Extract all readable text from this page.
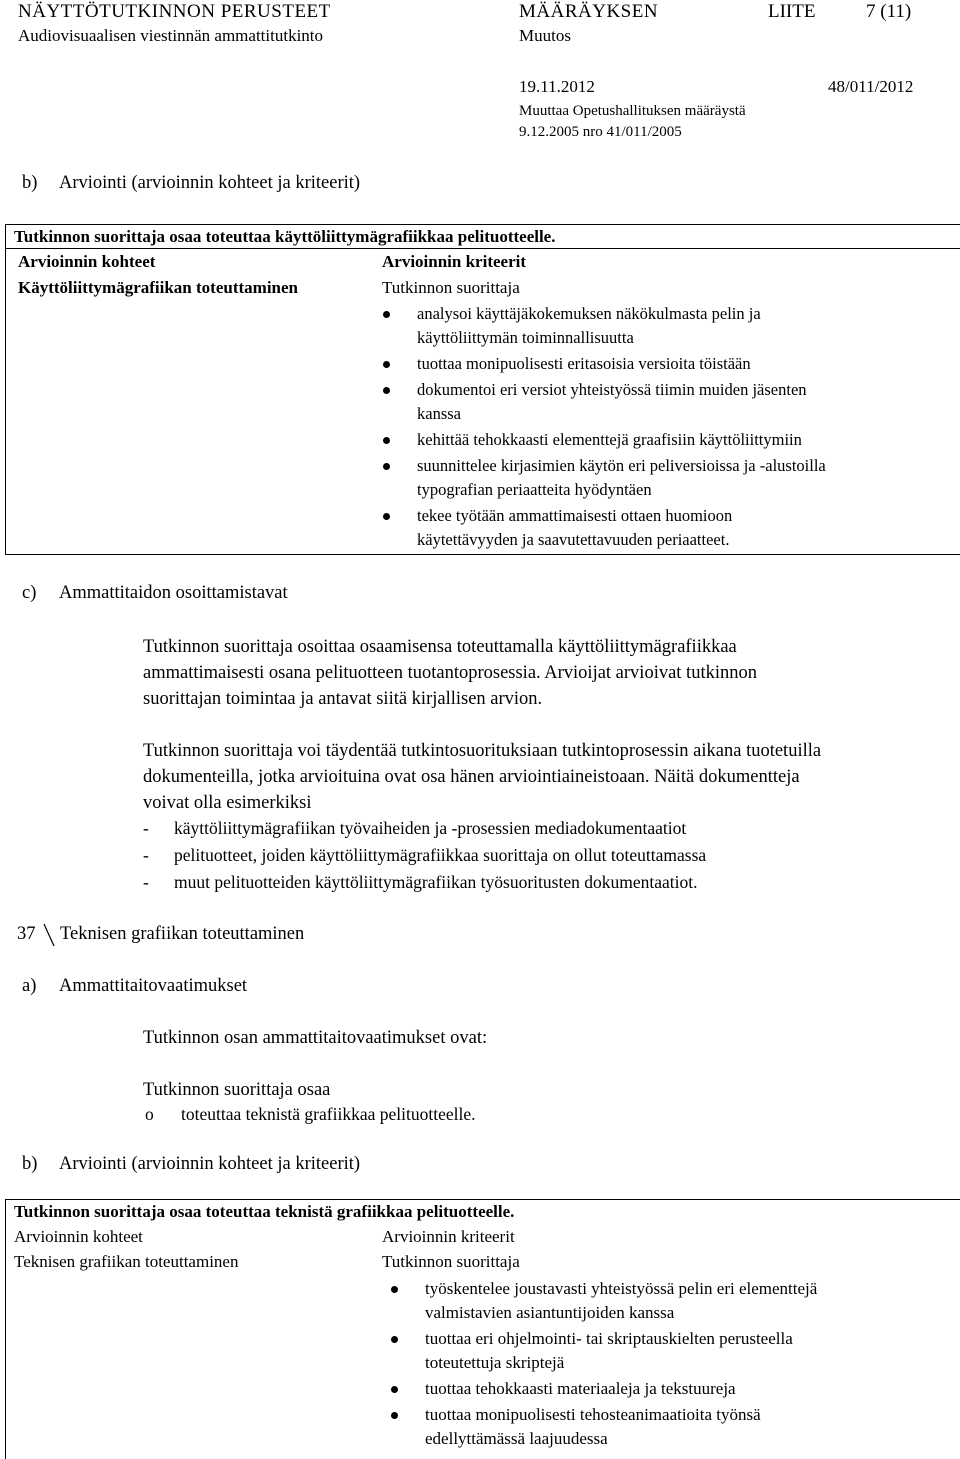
NÄYTTÖTUTKINNON PERUSTEET
Audiovisuaalisen viestinnän ammattitutkinto
MÄÄRÄYKSEN
Muutos
LIITE	7 (11)
19.11.2012	48/011/2012
Muuttaa Opetushallituksen määräystä
9.12.2005 nro 41/011/2005
b) Arviointi (arvioinnin kohteet ja kriteerit)
Tutkinnon suorittaja osaa toteuttaa käyttöliittymägrafiikkaa pelituotteelle.
Arvioinnin kohteet	Arvioinnin kriteerit
Käyttöliittymägrafiikan toteuttaminen	Tutkinnon suorittaja
analysoi käyttäjäkokemuksen näkökulmasta pelin ja
käyttöliittymän toiminnallisuutta
tuottaa monipuolisesti eritasoisia versioita töistään
dokumentoi eri versiot yhteistyössä tiimin muiden jäsenten
kanssa
kehittää tehokkaasti elementtejä graafisiin käyttöliittymiin
suunnittelee kirjasimien käytön eri peliversioissa ja -alustoilla
typografian periaatteita hyödyntäen
tekee työtään ammattimaisesti ottaen huomioon
käytettävyyden ja saavutettavuuden periaatteet.
c) Ammattitaidon osoittamistavat
Tutkinnon suorittaja osoittaa osaamisensa toteuttamalla käyttöliittymägrafiikkaa
ammattimaisesti osana pelituotteen tuotantoprosessia. Arvioijat arvioivat tutkinnon
suorittajan toimintaa ja antavat siitä kirjallisen arvion.
Tutkinnon suorittaja voi täydentää tutkintosuorituksiaan tutkintoprosessin aikana tuotetuilla
dokumenteilla, jotka arvioituina ovat osa hänen arviointiaineistoaan. Näitä dokumentteja
voivat olla esimerkiksi
- käyttöliittymägrafiikan työvaiheiden ja -prosessien mediadokumentaatiot
- pelituotteet, joiden käyttöliittymägrafiikkaa suorittaja on ollut toteuttamassa
- muut pelituotteiden käyttöliittymägrafiikan työsuoritusten dokumentaatiot.
37 Teknisen grafiikan toteuttaminen
a) Ammattitaitovaatimukset
Tutkinnon osan ammattitaitovaatimukset ovat:
Tutkinnon suorittaja osaa
o toteuttaa teknistä grafiikkaa pelituotteelle.
b) Arviointi (arvioinnin kohteet ja kriteerit)
Tutkinnon suorittaja osaa toteuttaa teknistä grafiikkaa pelituotteelle.
Arvioinnin kohteet	Arvioinnin kriteerit
Teknisen grafiikan toteuttaminen	Tutkinnon suorittaja
työskentelee joustavasti yhteistyössä pelin eri elementtejä
valmistavien asiantuntijoiden kanssa
tuottaa eri ohjelmointi- tai skriptauskielten perusteella
toteutettuja skriptejä
tuottaa tehokkaasti materiaaleja ja tekstuureja
tuottaa monipuolisesti tehosteanimaatioita työnsä
edellyttämässä laajuudessa
